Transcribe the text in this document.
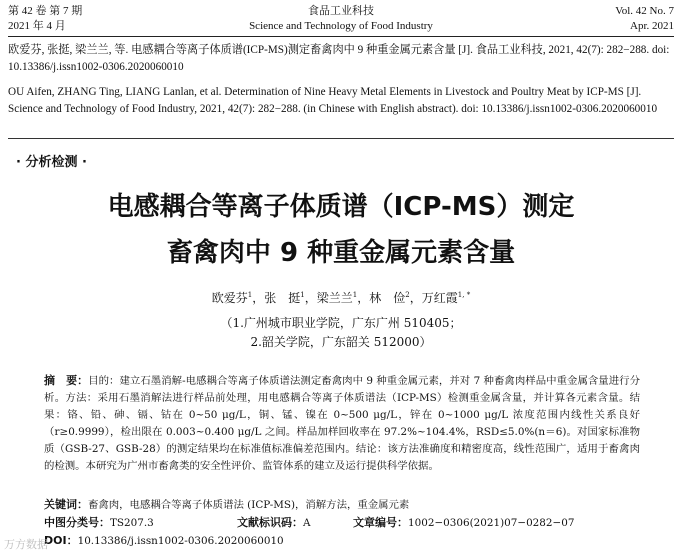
第 42 卷 第 7 期
2021 年 4 月
食品工业科技
Science and Technology of Food Industry
Vol. 42 No. 7
Apr. 2021
欧爱芬, 张挺, 梁兰兰, 等. 电感耦合等离子体质谱(ICP-MS)测定畜禽肉中 9 种重金属元素含量 [J]. 食品工业科技, 2021, 42(7): 282−288. doi: 10.13386/j.issn1002-0306.2020060010
OU Aifen, ZHANG Ting, LIANG Lanlan, et al. Determination of Nine Heavy Metal Elements in Livestock and Poultry Meat by ICP-MS [J]. Science and Technology of Food Industry, 2021, 42(7): 282−288. (in Chinese with English abstract). doi: 10.13386/j.issn1002-0306.2020060010
· 分析检测 ·
电感耦合等离子体质谱（ICP-MS）测定
畜禽肉中 9 种重金属元素含量
欧爱芬$^1$，张　挺$^1$，梁兰兰$^1$，林　俭$^2$，万红霞$^{1, *}$
（1.广州城市职业学院，广东广州 510405；
2.韶关学院，广东韶关 512000）
摘　要：目的：建立石墨消解-电感耦合等离子体质谱法测定畜禽肉中 9 种重金属元素，并对 7 种畜禽肉样品中重金属含量进行分析。方法：采用石墨消解法进行样品前处理，用电感耦合等离子体质谱法（ICP-MS）检测重金属含量，并计算各元素含量。结果：铬、铅、砷、镉、钴在 0~50 μg/L，铜、锰、镍在 0~500 μg/L，锌在 0~1000 μg/L 浓度范围内线性关系良好（r≥0.9999），检出限在 0.003~0.400 μg/L 之间。样品加样回收率在 97.2%~104.4%，RSD≤5.0%(n＝6)。对国家标准物质（GSB-27、GSB-28）的测定结果均在标准值标准偏差范围内。结论：该方法准确度和精密度高，线性范围广，适用于畜禽肉的检测。本研究为广州市畜禽类的安全性评价、监管体系的建立及运行提供科学依据。
关键词：畜禽肉，电感耦合等离子体质谱法 (ICP-MS)，消解方法，重金属元素
中图分类号：TS207.3	文献标识码：A	文章编号：1002−0306(2021)07−0282−07
DOI：10.13386/j.issn1002-0306.2020060010
万方数据
